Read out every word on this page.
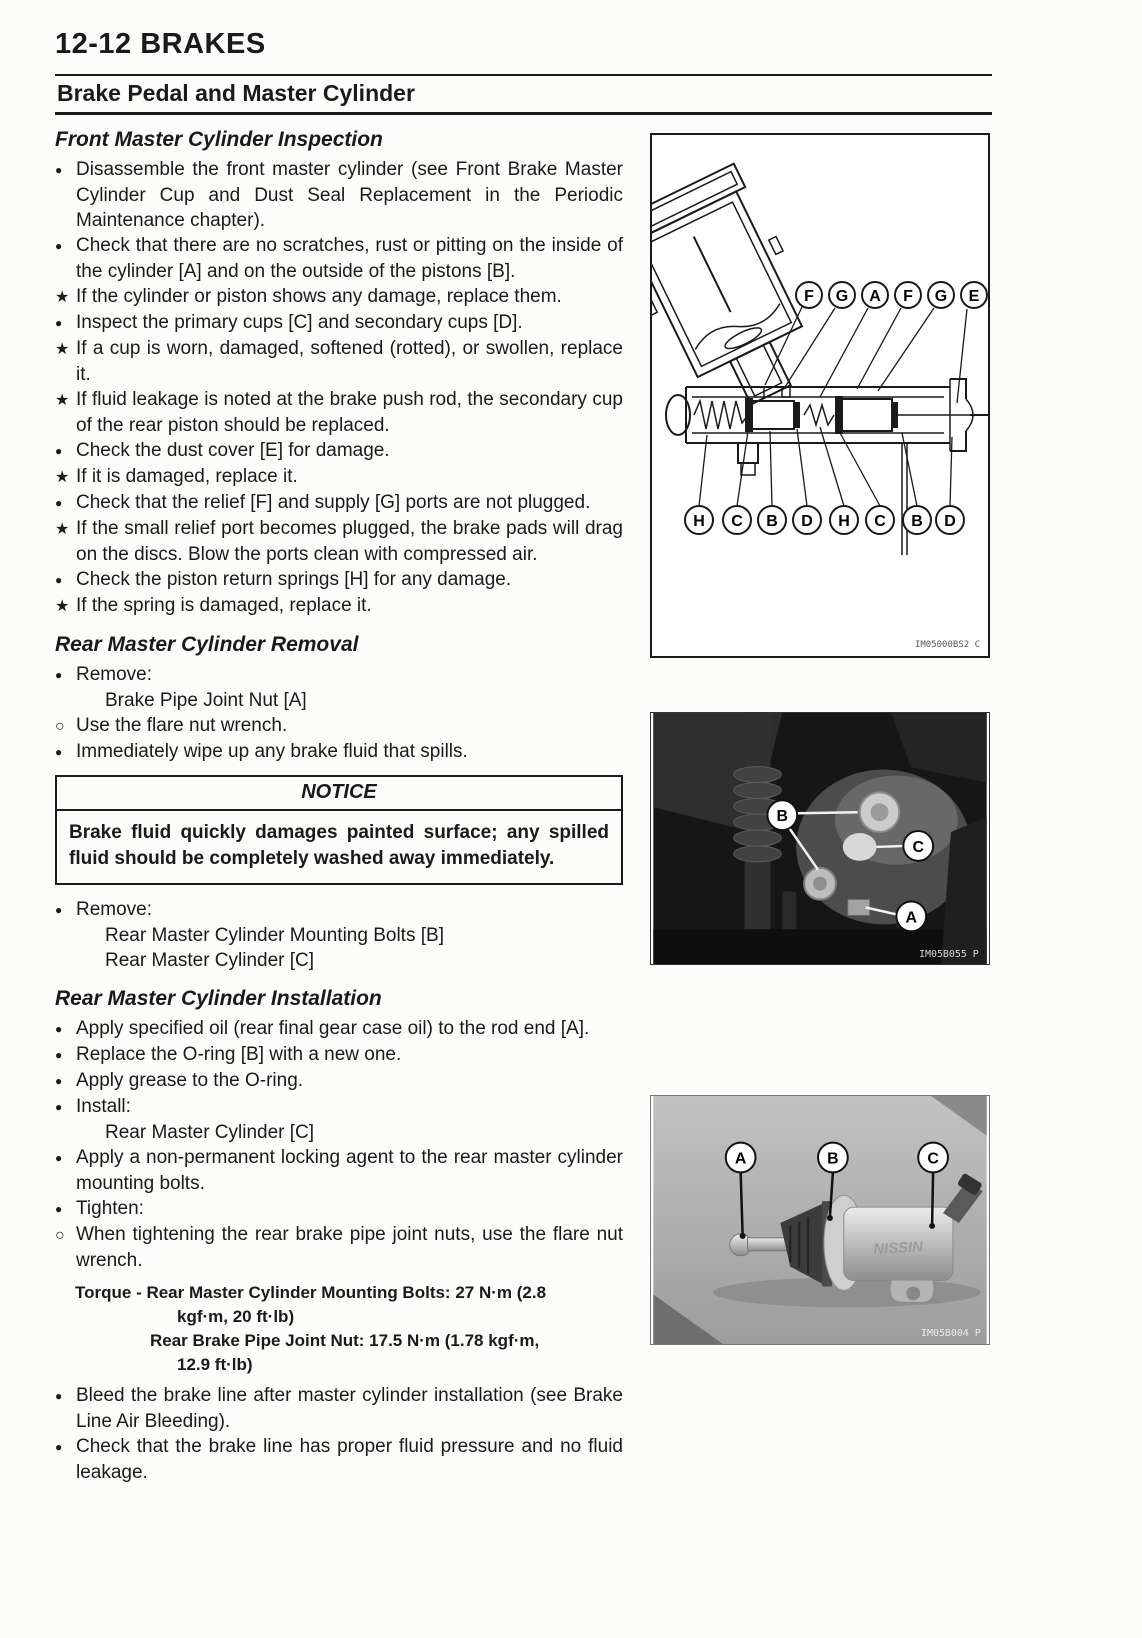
12-12 BRAKES
Brake Pedal and Master Cylinder
Front Master Cylinder Inspection
● Disassemble the front master cylinder (see Front Brake Master Cylinder Cup and Dust Seal Replacement in the Periodic Maintenance chapter).
● Check that there are no scratches, rust or pitting on the inside of the cylinder [A] and on the outside of the pistons [B].
★ If the cylinder or piston shows any damage, replace them.
● Inspect the primary cups [C] and secondary cups [D].
★ If a cup is worn, damaged, softened (rotted), or swollen, replace it.
★ If fluid leakage is noted at the brake push rod, the secondary cup of the rear piston should be replaced.
● Check the dust cover [E] for damage.
★ If it is damaged, replace it.
● Check that the relief [F] and supply [G] ports are not plugged.
★ If the small relief port becomes plugged, the brake pads will drag on the discs. Blow the ports clean with compressed air.
● Check the piston return springs [H] for any damage.
★ If the spring is damaged, replace it.
Rear Master Cylinder Removal
● Remove:
Brake Pipe Joint Nut [A]
○ Use the flare nut wrench.
● Immediately wipe up any brake fluid that spills.
NOTICE
Brake fluid quickly damages painted surface; any spilled fluid should be completely washed away immediately.
● Remove:
Rear Master Cylinder Mounting Bolts [B]
Rear Master Cylinder [C]
Rear Master Cylinder Installation
● Apply specified oil (rear final gear case oil) to the rod end [A].
● Replace the O-ring [B] with a new one.
● Apply grease to the O-ring.
● Install:
Rear Master Cylinder [C]
● Apply a non-permanent locking agent to the rear master cylinder mounting bolts.
● Tighten:
○ When tightening the rear brake pipe joint nuts, use the flare nut wrench.
Torque - Rear Master Cylinder Mounting Bolts: 27 N·m (2.8
kgf·m, 20 ft·lb)
Rear Brake Pipe Joint Nut: 17.5 N·m (1.78 kgf·m,
12.9 ft·lb)
● Bleed the brake line after master cylinder installation (see Brake Line Air Bleeding).
● Check that the brake line has proper fluid pressure and no fluid leakage.
F G A F G E
H C B D H C B D
IM05000BS2 C
B
C
A
IM05B055 P
NISSIN
A	B	C
IM05B004 P
